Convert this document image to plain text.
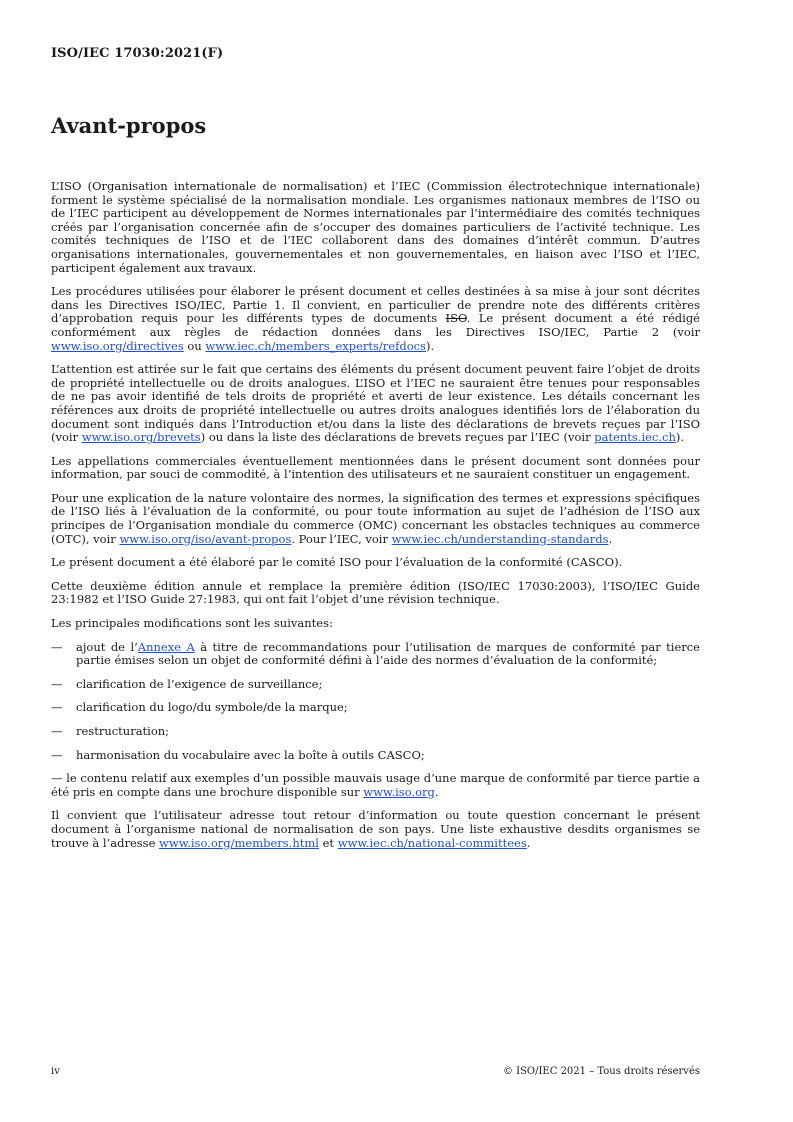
ISO/IEC 17030:2021(F)
Avant-propos

L’ISO (Organisation internationale de normalisation) et l’IEC (Commission électrotechnique internationale) forment le système spécialisé de la normalisation mondiale. Les organismes nationaux membres de l’ISO ou de l’IEC participent au développement de Normes internationales par l’intermédiaire des comités techniques créés par l’organisation concernée afin de s’occuper des domaines particuliers de l’activité technique. Les comités techniques de l’ISO et de l’IEC collaborent dans des domaines d’intérêt commun. D’autres organisations internationales, gouvernementales et non gouvernementales, en liaison avec l’ISO et l’IEC, participent également aux travaux.

Les procédures utilisées pour élaborer le présent document et celles destinées à sa mise à jour sont décrites dans les Directives ISO/IEC, Partie 1. Il convient, en particulier de prendre note des différents critères d’approbation requis pour les différents types de documents ISO. Le présent document a été rédigé conformément aux règles de rédaction données dans les Directives ISO/IEC, Partie 2 (voir www.iso.org/directives ou www.iec.ch/members_experts/refdocs).

L’attention est attirée sur le fait que certains des éléments du présent document peuvent faire l’objet de droits de propriété intellectuelle ou de droits analogues. L’ISO et l’IEC ne sauraient être tenues pour responsables de ne pas avoir identifié de tels droits de propriété et averti de leur existence. Les détails concernant les références aux droits de propriété intellectuelle ou autres droits analogues identifiés lors de l’élaboration du document sont indiqués dans l’Introduction et/ou dans la liste des déclarations de brevets reçues par l’ISO (voir www.iso.org/brevets) ou dans la liste des déclarations de brevets reçues par l’IEC (voir patents.iec.ch).

Les appellations commerciales éventuellement mentionnées dans le présent document sont données pour information, par souci de commodité, à l’intention des utilisateurs et ne sauraient constituer un engagement.

Pour une explication de la nature volontaire des normes, la signification des termes et expressions spécifiques de l’ISO liés à l’évaluation de la conformité, ou pour toute information au sujet de l’adhésion de l’ISO aux principes de l’Organisation mondiale du commerce (OMC) concernant les obstacles techniques au commerce (OTC), voir www.iso.org/iso/avant-propos. Pour l’IEC, voir www.iec.ch/understanding-standards.

Le présent document a été élaboré par le comité ISO pour l’évaluation de la conformité (CASCO).

Cette deuxième édition annule et remplace la première édition (ISO/IEC 17030:2003), l’ISO/IEC Guide 23:1982 et l’ISO Guide 27:1983, qui ont fait l’objet d’une révision technique.

Les principales modifications sont les suivantes:

—	ajout de l’Annexe A à titre de recommandations pour l’utilisation de marques de conformité par tierce partie émises selon un objet de conformité défini à l’aide des normes d’évaluation de la conformité;
—	clarification de l’exigence de surveillance;
—	clarification du logo/du symbole/de la marque;
—	restructuration;
—	harmonisation du vocabulaire avec la boîte à outils CASCO;

— le contenu relatif aux exemples d’un possible mauvais usage d’une marque de conformité par tierce partie a été pris en compte dans une brochure disponible sur www.iso.org.

Il convient que l’utilisateur adresse tout retour d’information ou toute question concernant le présent document à l’organisme national de normalisation de son pays. Une liste exhaustive desdits organismes se trouve à l’adresse www.iso.org/members.html et www.iec.ch/national-committees.

iv	© ISO/IEC 2021 – Tous droits réservés
